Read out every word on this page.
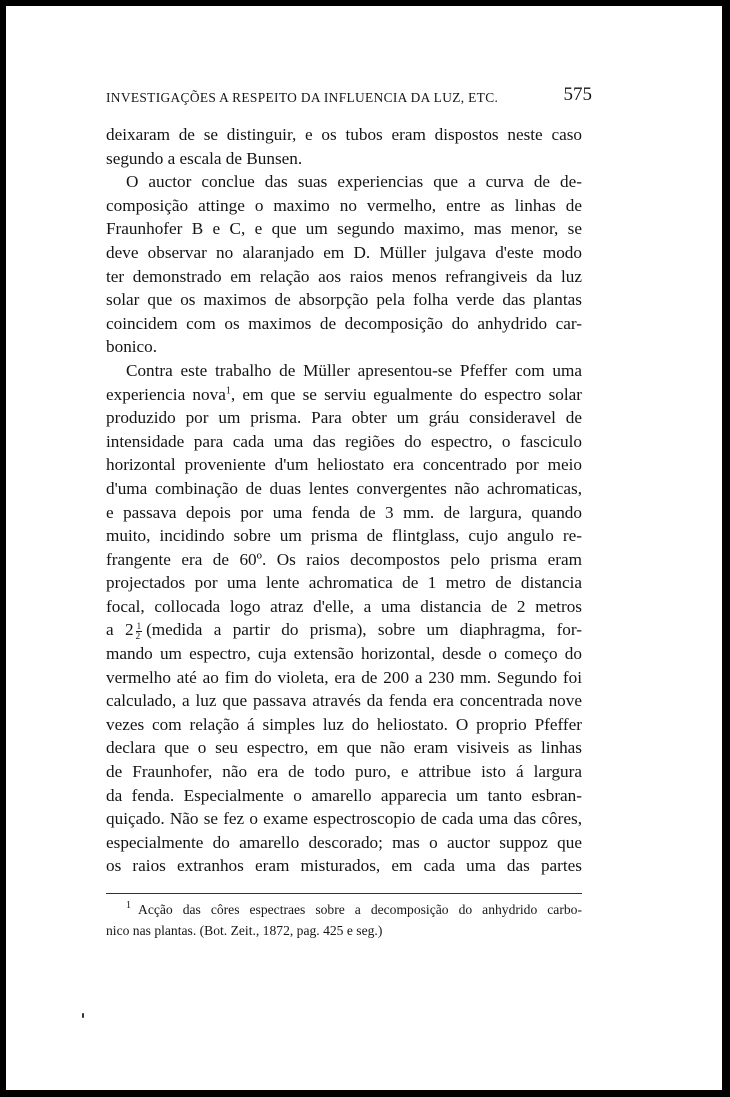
INVESTIGAÇÕES A RESPEITO DA INFLUENCIA DA LUZ, ETC.	575
deixaram de se distinguir, e os tubos eram dispostos neste caso
segundo a escala de Bunsen.
O auctor conclue das suas experiencias que a curva de de-
composição attinge o maximo no vermelho, entre as linhas de
Fraunhofer B e C, e que um segundo maximo, mas menor, se
deve observar no alaranjado em D. Müller julgava d'este modo
ter demonstrado em relação aos raios menos refrangiveis da luz
solar que os maximos de absorpção pela folha verde das plantas
coincidem com os maximos de decomposição do anhydrido car-
bonico.
Contra este trabalho de Müller apresentou-se Pfeffer com uma
experiencia nova$^1$, em que se serviu egualmente do espectro solar
produzido por um prisma. Para obter um gráu consideravel de
intensidade para cada uma das regiões do espectro, o fasciculo
horizontal proveniente d'um heliostato era concentrado por meio
d'uma combinação de duas lentes convergentes não achromaticas,
e passava depois por uma fenda de 3 mm. de largura, quando
muito, incidindo sobre um prisma de flintglass, cujo angulo re-
frangente era de 60º. Os raios decompostos pelo prisma eram
projectados por uma lente achromatica de 1 metro de distancia
focal, collocada logo atraz d'elle, a uma distancia de 2 metros
a $2 \frac{1}{2}$ (medida a partir do prisma), sobre um diaphragma, for-
mando um espectro, cuja extensão horizontal, desde o começo do
vermelho até ao fim do violeta, era de 200 a 230 mm. Segundo foi
calculado, a luz que passava através da fenda era concentrada nove
vezes com relação á simples luz do heliostato. O proprio Pfeffer
declara que o seu espectro, em que não eram visiveis as linhas
de Fraunhofer, não era de todo puro, e attribue isto á largura
da fenda. Especialmente o amarello apparecia um tanto esbran-
quiçado. Não se fez o exame espectroscopio de cada uma das côres,
especialmente do amarello descorado; mas o auctor suppoz que
os raios extranhos eram misturados, em cada uma das partes
$^1$ Acção das côres espectraes sobre a decomposição do anhydrido carbo-
nico nas plantas. (Bot. Zeit., 1872, pag. 425 e seg.)
